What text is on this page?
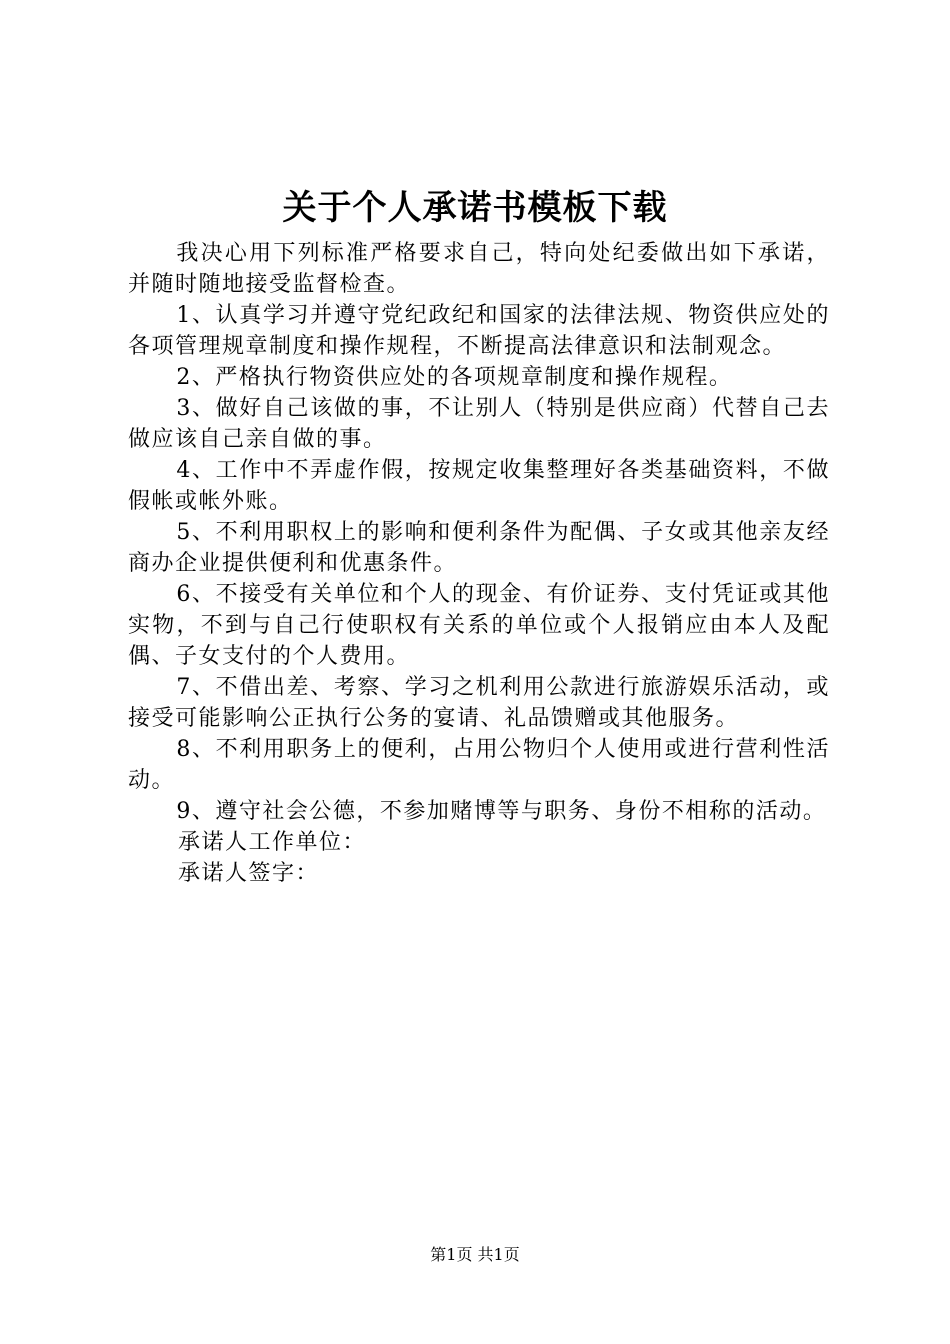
关于个人承诺书模板下载

我决心用下列标准严格要求自己，特向处纪委做出如下承诺，并随时随地接受监督检查。

1、认真学习并遵守党纪政纪和国家的法律法规、物资供应处的各项管理规章制度和操作规程，不断提高法律意识和法制观念。

2、严格执行物资供应处的各项规章制度和操作规程。

3、做好自己该做的事，不让别人（特别是供应商）代替自己去做应该自己亲自做的事。

4、工作中不弄虚作假，按规定收集整理好各类基础资料，不做假帐或帐外账。

5、不利用职权上的影响和便利条件为配偶、子女或其他亲友经商办企业提供便利和优惠条件。

6、不接受有关单位和个人的现金、有价证券、支付凭证或其他实物，不到与自己行使职权有关系的单位或个人报销应由本人及配偶、子女支付的个人费用。

7、不借出差、考察、学习之机利用公款进行旅游娱乐活动，或接受可能影响公正执行公务的宴请、礼品馈赠或其他服务。

8、不利用职务上的便利，占用公物归个人使用或进行营利性活动。

9、遵守社会公德，不参加赌博等与职务、身份不相称的活动。

承诺人工作单位：

承诺人签字：

第1页 共1页
